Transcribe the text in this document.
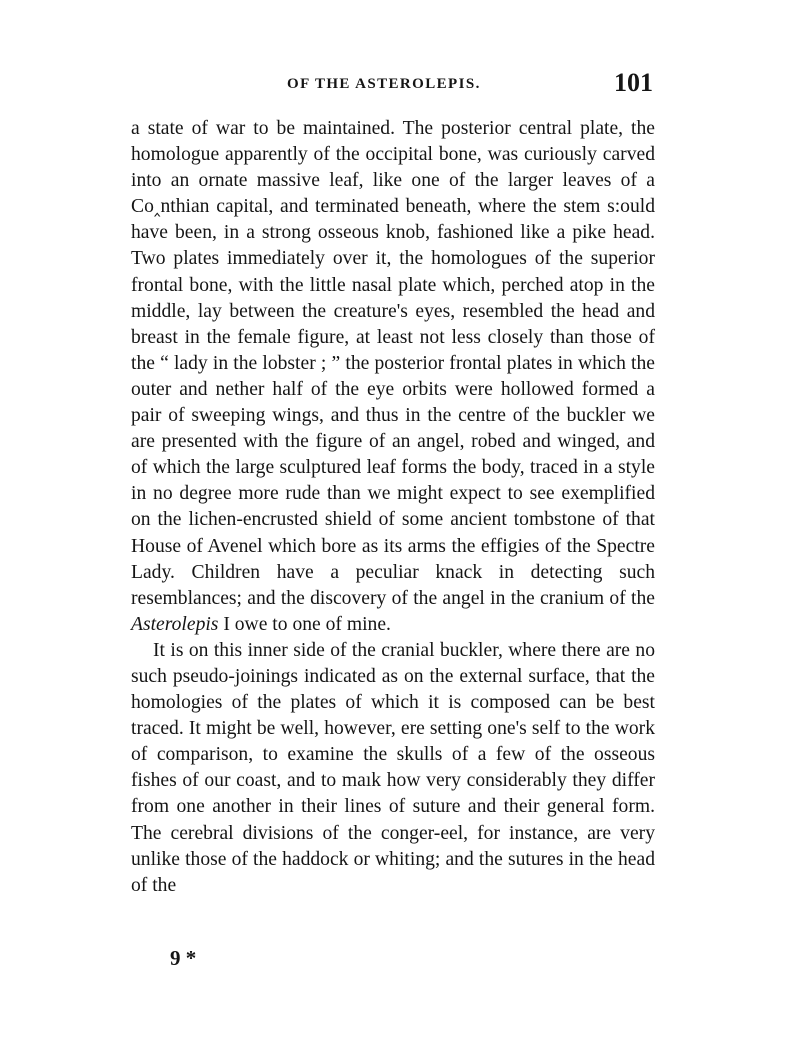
OF THE ASTEROLEPIS.	101

a state of war to be maintained. The posterior central plate, the homologue apparently of the occipital bone, was curiously carved into an ornate massive leaf, like one of the larger leaves of a Co‸nthian capital, and terminated beneath, where the stem s:ould have been, in a strong osseous knob, fashioned like a pike head. Two plates immediately over it, the homologues of the superior frontal bone, with the little nasal plate which, perched atop in the middle, lay between the creature's eyes, resembled the head and breast in the female figure, at least not less closely than those of the “ lady in the lobster ; ” the posterior frontal plates in which the outer and nether half of the eye orbits were hollowed formed a pair of sweeping wings, and thus in the centre of the buckler we are presented with the figure of an angel, robed and winged, and of which the large sculptured leaf forms the body, traced in a style in no degree more rude than we might expect to see exemplified on the lichen-encrusted shield of some ancient tombstone of that House of Avenel which bore as its arms the effigies of the Spectre Lady. Children have a peculiar knack in detecting such resemblances; and the discovery of the angel in the cranium of the Asterolepis I owe to one of mine.

It is on this inner side of the cranial buckler, where there are no such pseudo-joinings indicated as on the external surface, that the homologies of the plates of which it is composed can be best traced. It might be well, however, ere setting one's self to the work of comparison, to examine the skulls of a few of the osseous fishes of our coast, and to maık how very considerably they differ from one another in their lines of suture and their general form. The cerebral divisions of the conger-eel, for instance, are very unlike those of the haddock or whiting; and the sutures in the head of the

9 *
